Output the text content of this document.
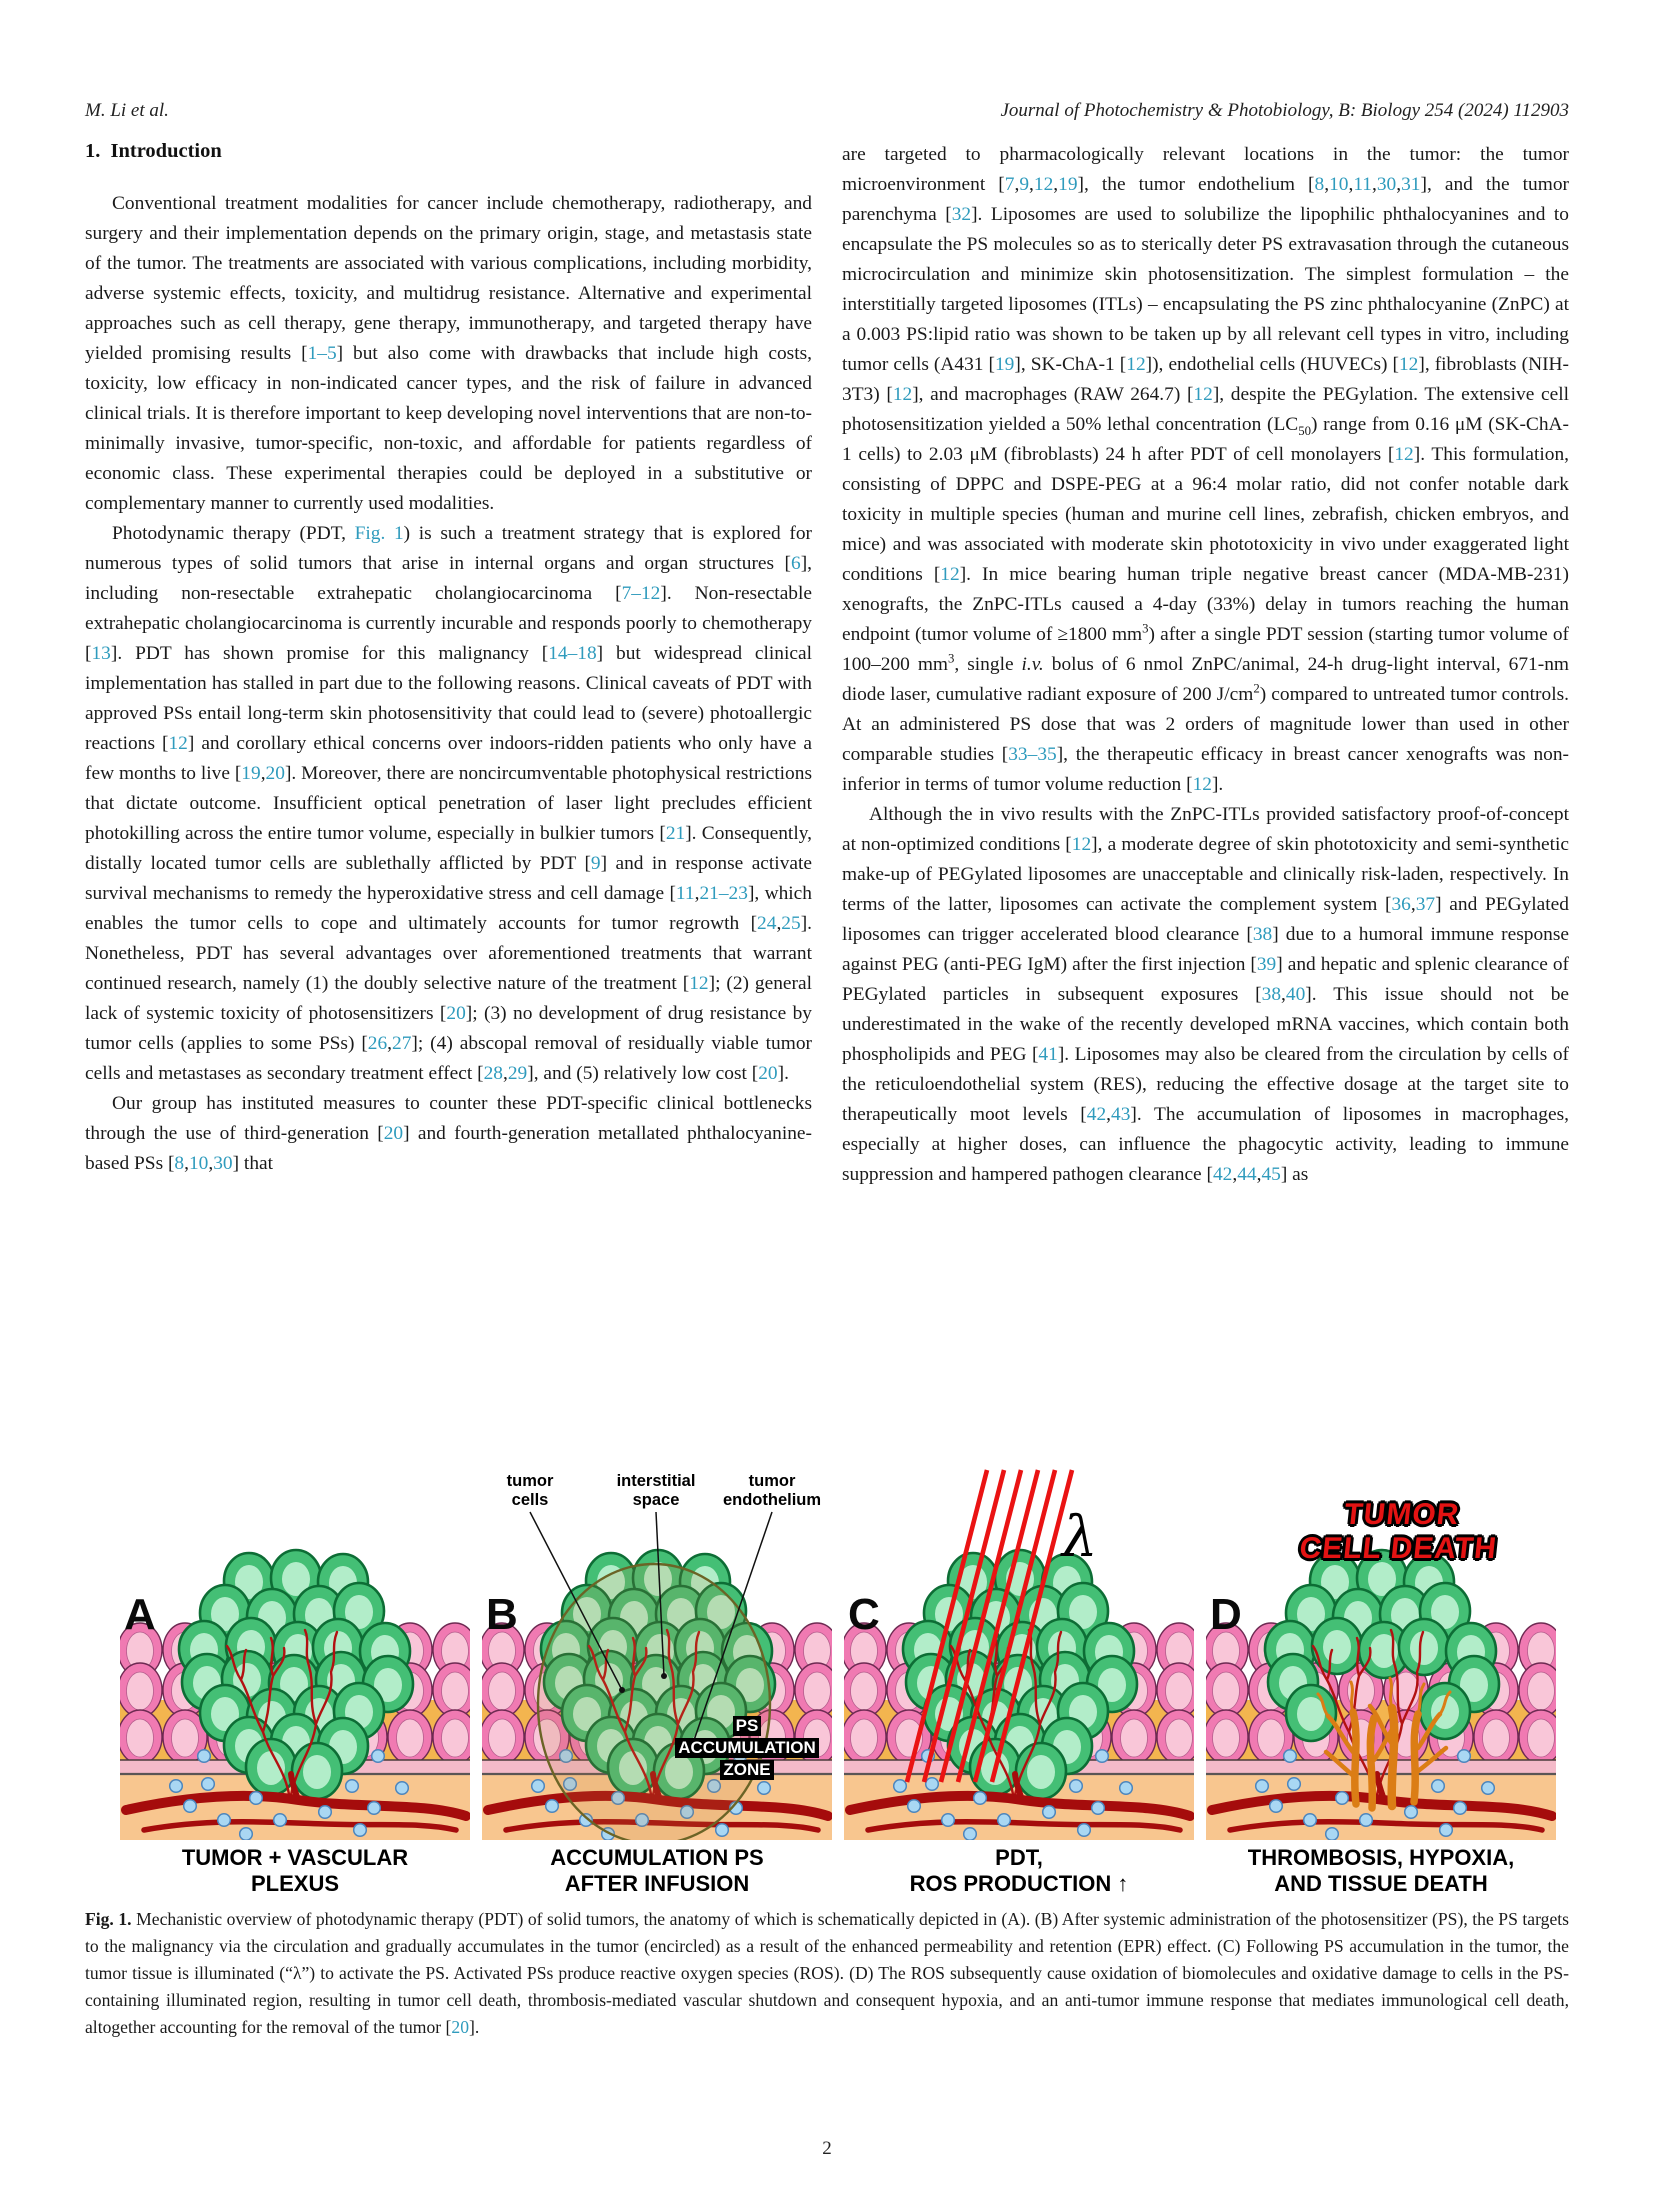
M. Li et al.	Journal of Photochemistry & Photobiology, B: Biology 254 (2024) 112903
1. Introduction

Conventional treatment modalities for cancer include chemotherapy, radiotherapy, and surgery and their implementation depends on the primary origin, stage, and metastasis state of the tumor. The treatments are associated with various complications, including morbidity, adverse systemic effects, toxicity, and multidrug resistance. Alternative and experimental approaches such as cell therapy, gene therapy, immunotherapy, and targeted therapy have yielded promising results [1–5] but also come with drawbacks that include high costs, toxicity, low efficacy in non-indicated cancer types, and the risk of failure in advanced clinical trials. It is therefore important to keep developing novel interventions that are non-to-minimally invasive, tumor-specific, non-toxic, and affordable for patients regardless of economic class. These experimental therapies could be deployed in a substitutive or complementary manner to currently used modalities.

Photodynamic therapy (PDT, Fig. 1) is such a treatment strategy that is explored for numerous types of solid tumors that arise in internal organs and organ structures [6], including non-resectable extrahepatic cholangiocarcinoma [7–12]. Non-resectable extrahepatic cholangiocarcinoma is currently incurable and responds poorly to chemotherapy [13]. PDT has shown promise for this malignancy [14–18] but widespread clinical implementation has stalled in part due to the following reasons. Clinical caveats of PDT with approved PSs entail long-term skin photosensitivity that could lead to (severe) photoallergic reactions [12] and corollary ethical concerns over indoors-ridden patients who only have a few months to live [19,20]. Moreover, there are noncircumventable photophysical restrictions that dictate outcome. Insufficient optical penetration of laser light precludes efficient photokilling across the entire tumor volume, especially in bulkier tumors [21]. Consequently, distally located tumor cells are sublethally afflicted by PDT [9] and in response activate survival mechanisms to remedy the hyperoxidative stress and cell damage [11,21–23], which enables the tumor cells to cope and ultimately accounts for tumor regrowth [24,25]. Nonetheless, PDT has several advantages over aforementioned treatments that warrant continued research, namely (1) the doubly selective nature of the treatment [12]; (2) general lack of systemic toxicity of photosensitizers [20]; (3) no development of drug resistance by tumor cells (applies to some PSs) [26,27]; (4) abscopal removal of residually viable tumor cells and metastases as secondary treatment effect [28,29], and (5) relatively low cost [20].

Our group has instituted measures to counter these PDT-specific clinical bottlenecks through the use of third-generation [20] and fourth-generation metallated phthalocyanine-based PSs [8,10,30] that

are targeted to pharmacologically relevant locations in the tumor: the tumor microenvironment [7,9,12,19], the tumor endothelium [8,10,11,30,31], and the tumor parenchyma [32]. Liposomes are used to solubilize the lipophilic phthalocyanines and to encapsulate the PS molecules so as to sterically deter PS extravasation through the cutaneous microcirculation and minimize skin photosensitization. The simplest formulation – the interstitially targeted liposomes (ITLs) – encapsulating the PS zinc phthalocyanine (ZnPC) at a 0.003 PS:lipid ratio was shown to be taken up by all relevant cell types in vitro, including tumor cells (A431 [19], SK-ChA-1 [12]), endothelial cells (HUVECs) [12], fibroblasts (NIH-3T3) [12], and macrophages (RAW 264.7) [12], despite the PEGylation. The extensive cell photosensitization yielded a 50% lethal concentration $(LC_{50})$ range from 0.16 μM (SK-ChA-1 cells) to 2.03 μM (fibroblasts) 24 h after PDT of cell monolayers [12]. This formulation, consisting of DPPC and DSPE-PEG at a 96:4 molar ratio, did not confer notable dark toxicity in multiple species (human and murine cell lines, zebrafish, chicken embryos, and mice) and was associated with moderate skin phototoxicity in vivo under exaggerated light conditions [12]. In mice bearing human triple negative breast cancer (MDA-MB-231) xenografts, the ZnPC-ITLs caused a 4-day (33%) delay in tumors reaching the human endpoint (tumor volume of ≥1800 $mm^3$) after a single PDT session (starting tumor volume of 100–200 $mm^3$, single i.v. bolus of 6 nmol ZnPC/animal, 24-h drug-light interval, 671-nm diode laser, cumulative radiant exposure of 200 $J/cm^2$) compared to untreated tumor controls. At an administered PS dose that was 2 orders of magnitude lower than used in other comparable studies [33–35], the therapeutic efficacy in breast cancer xenografts was non-inferior in terms of tumor volume reduction [12].

Although the in vivo results with the ZnPC-ITLs provided satisfactory proof-of-concept at non-optimized conditions [12], a moderate degree of skin phototoxicity and semi-synthetic make-up of PEGylated liposomes are unacceptable and clinically risk-laden, respectively. In terms of the latter, liposomes can activate the complement system [36,37] and PEGylated liposomes can trigger accelerated blood clearance [38] due to a humoral immune response against PEG (anti-PEG IgM) after the first injection [39] and hepatic and splenic clearance of PEGylated particles in subsequent exposures [38,40]. This issue should not be underestimated in the wake of the recently developed mRNA vaccines, which contain both phospholipids and PEG [41]. Liposomes may also be cleared from the circulation by cells of the reticuloendothelial system (RES), reducing the effective dosage at the target site to therapeutically moot levels [42,43]. The accumulation of liposomes in macrophages, especially at higher doses, can influence the phagocytic activity, leading to immune suppression and hampered pathogen clearance [42,44,45] as

A
TUMOR + VASCULAR
PLEXUS
tumor
cells
interstitial
space
tumor
endothelium
B
PS
ACCUMULATION
ZONE

ACCUMULATION PS
AFTER INFUSION
λ
C
PDT,
ROS PRODUCTION ↑
D
TUMOR
CELL DEATH
THROMBOSIS, HYPOXIA,
AND TISSUE DEATH
Fig. 1. Mechanistic overview of photodynamic therapy (PDT) of solid tumors, the anatomy of which is schematically depicted in (A). (B) After systemic administration of the photosensitizer (PS), the PS targets to the malignancy via the circulation and gradually accumulates in the tumor (encircled) as a result of the enhanced permeability and retention (EPR) effect. (C) Following PS accumulation in the tumor, the tumor tissue is illuminated (“λ”) to activate the PS. Activated PSs produce reactive oxygen species (ROS). (D) The ROS subsequently cause oxidation of biomolecules and oxidative damage to cells in the PS-containing illuminated region, resulting in tumor cell death, thrombosis-mediated vascular shutdown and consequent hypoxia, and an anti-tumor immune response that mediates immunological cell death, altogether accounting for the removal of the tumor [20].
2
